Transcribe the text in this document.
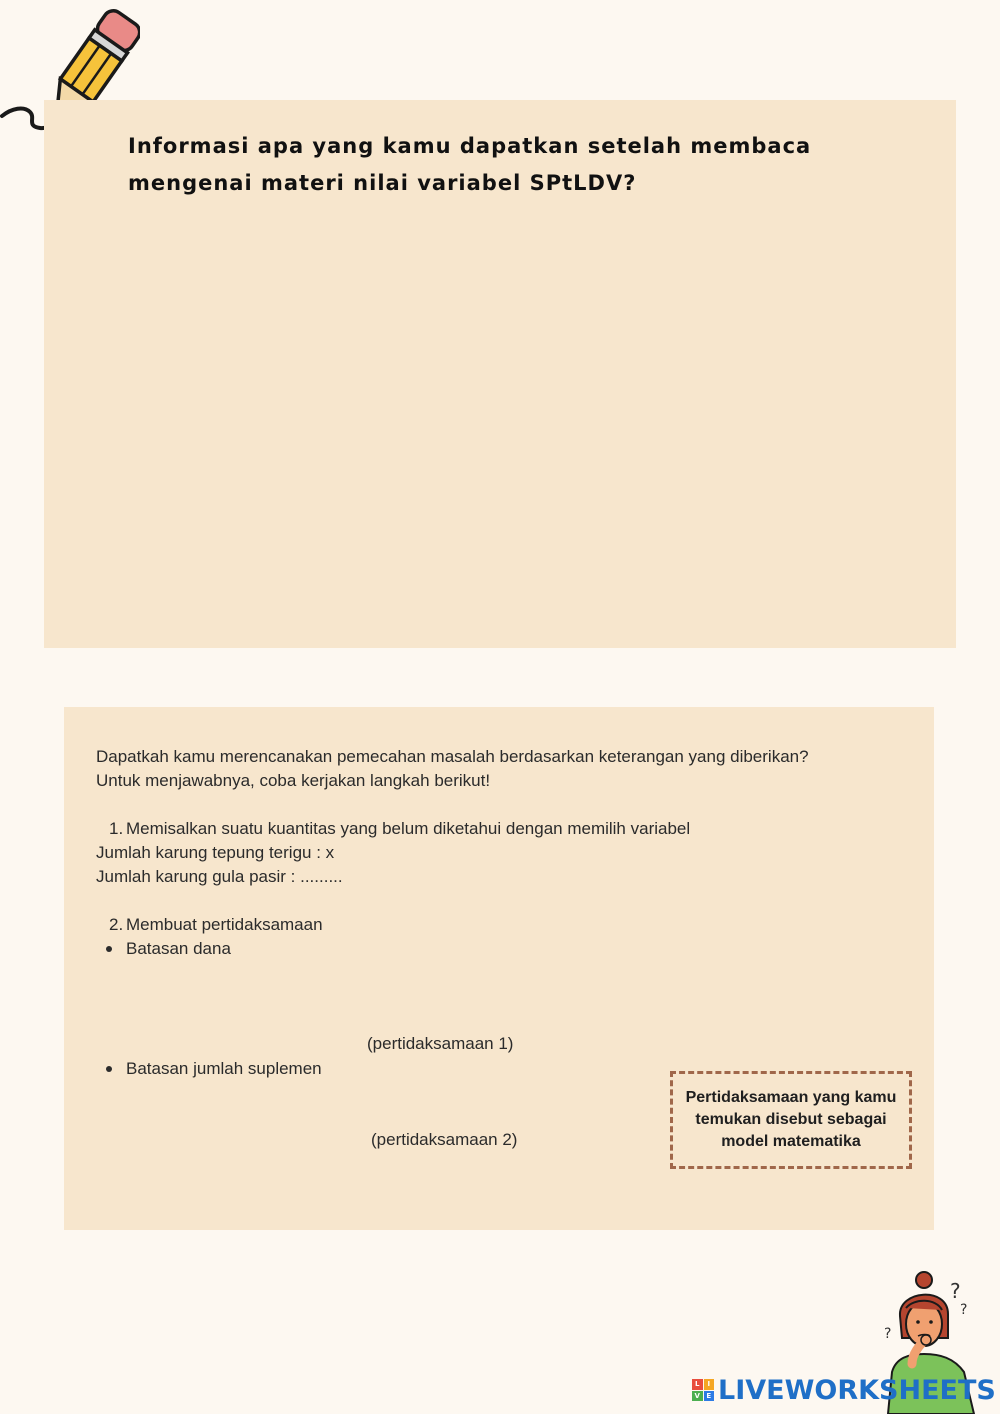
Informasi apa yang kamu dapatkan setelah membaca mengenai materi nilai variabel SPtLDV?
Dapatkah kamu merencanakan pemecahan masalah berdasarkan keterangan yang diberikan?
Untuk menjawabnya, coba kerjakan langkah berikut!
1. Memisalkan suatu kuantitas yang belum diketahui dengan memilih variabel
Jumlah karung tepung terigu : x
Jumlah karung gula pasir : .........
2. Membuat pertidaksamaan
Batasan dana
(pertidaksamaan 1)
Batasan jumlah suplemen
(pertidaksamaan 2)
Pertidaksamaan yang kamu temukan disebut sebagai model matematika
?
?
?
L	I
V E LIVEWORKSHEETS
